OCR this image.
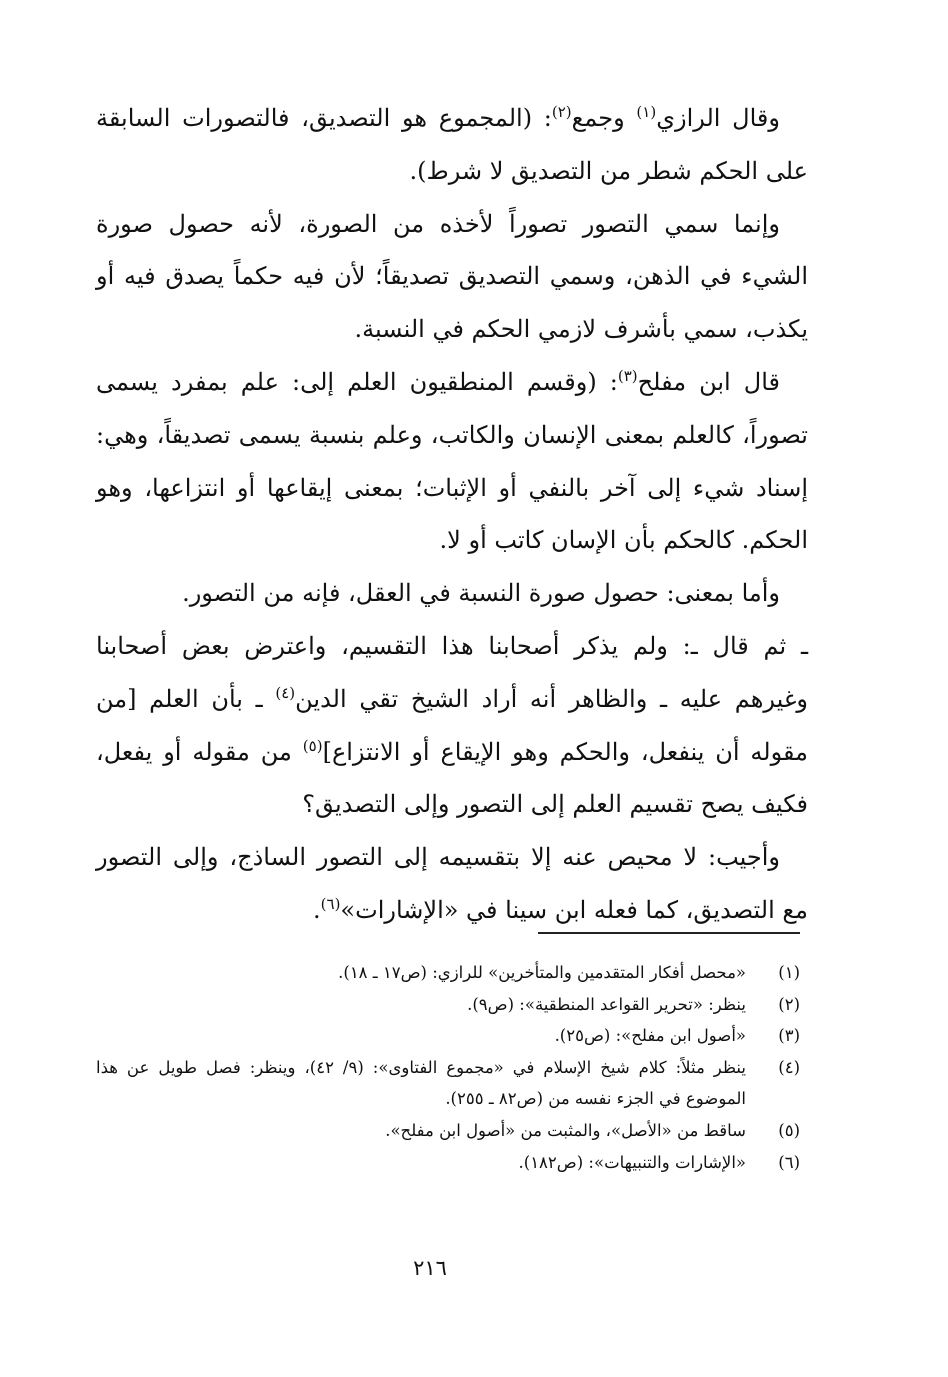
وقال الرازي$^{(١)}$ وجمع$^{(٢)}$: (المجموع هو التصديق، فالتصورات السابقة على الحكم شطر من التصديق لا شرط).

وإنما سمي التصور تصوراً لأخذه من الصورة، لأنه حصول صورة الشيء في الذهن، وسمي التصديق تصديقاً؛ لأن فيه حكماً يصدق فيه أو يكذب، سمي بأشرف لازمي الحكم في النسبة.

قال ابن مفلح$^{(٣)}$: (وقسم المنطقيون العلم إلى: علم بمفرد يسمى تصوراً، كالعلم بمعنى الإنسان والكاتب، وعلم بنسبة يسمى تصديقاً، وهي: إسناد شيء إلى آخر بالنفي أو الإثبات؛ بمعنى إيقاعها أو انتزاعها، وهو الحكم. كالحكم بأن الإسان كاتب أو لا.

وأما بمعنى: حصول صورة النسبة في العقل، فإنه من التصور.

ـ ثم قال ـ: ولم يذكر أصحابنا هذا التقسيم، واعترض بعض أصحابنا وغيرهم عليه ـ والظاهر أنه أراد الشيخ تقي الدين$^{(٤)}$ ـ بأن العلم [من مقوله أن ينفعل، والحكم وهو الإيقاع أو الانتزاع]$^{(٥)}$ من مقوله أو يفعل، فكيف يصح تقسيم العلم إلى التصور وإلى التصديق؟

وأجيب: لا محيص عنه إلا بتقسيمه إلى التصور الساذج، وإلى التصور مع التصديق، كما فعله ابن سينا في «الإشارات»$^{(٦)}$.

(١)
«محصل أفكار المتقدمين والمتأخرين» للرازي: (ص١٧ ـ ١٨).
(٢)
ينظر: «تحرير القواعد المنطقية»: (ص٩).
(٣)
«أصول ابن مفلح»: (ص٢٥).
(٤)
ينظر مثلاً: كلام شيخ الإسلام في «مجموع الفتاوى»: (٩/ ٤٢)، وينظر: فصل طويل عن هذا الموضوع في الجزء نفسه من (ص٨٢ ـ ٢٥٥).
(٥)
ساقط من «الأصل»، والمثبت من «أصول ابن مفلح».
(٦)
«الإشارات والتنبيهات»: (ص١٨٢).
٢١٦
